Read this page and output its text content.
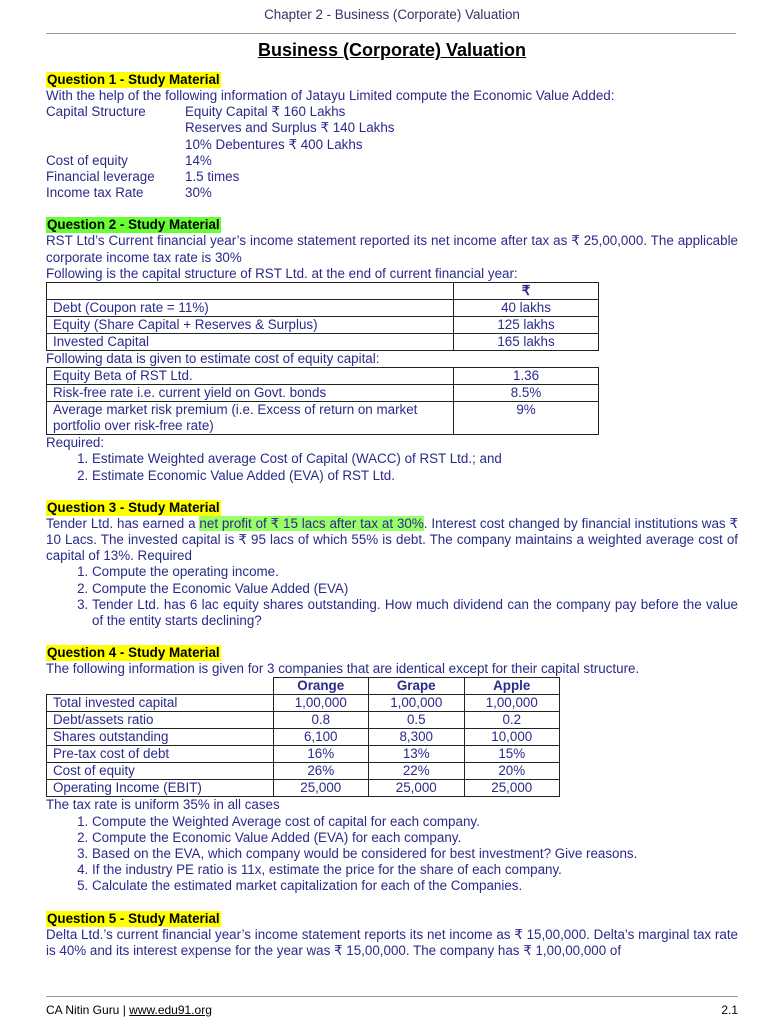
Chapter 2 - Business (Corporate) Valuation
Business (Corporate) Valuation
Question 1 - Study Material
With the help of the following information of Jatayu Limited compute the Economic Value Added:
Capital Structure	Equity Capital ₹ 160 Lakhs
Reserves and Surplus ₹ 140 Lakhs
10% Debentures ₹ 400 Lakhs
Cost of equity	14%
Financial leverage	1.5 times
Income tax Rate	30%
Question 2 - Study Material
RST Ltd’s Current financial year’s income statement reported its net income after tax as ₹ 25,00,000. The applicable corporate income tax rate is 30%
Following is the capital structure of RST Ltd. at the end of current financial year:
	₹
Debt (Coupon rate = 11%)	40 lakhs
Equity (Share Capital + Reserves & Surplus)	125 lakhs
Invested Capital	165 lakhs
Following data is given to estimate cost of equity capital:
Equity Beta of RST Ltd.	1.36
Risk-free rate i.e. current yield on Govt. bonds	8.5%
Average market risk premium (i.e. Excess of return on market portfolio over risk-free rate)	9%
Required:
1. Estimate Weighted average Cost of Capital (WACC) of RST Ltd.; and
2. Estimate Economic Value Added (EVA) of RST Ltd.
Question 3 - Study Material
Tender Ltd. has earned a net profit of ₹ 15 lacs after tax at 30%. Interest cost changed by financial institutions was ₹ 10 Lacs. The invested capital is ₹ 95 lacs of which 55% is debt. The company maintains a weighted average cost of capital of 13%. Required
1. Compute the operating income.
2. Compute the Economic Value Added (EVA)
3. Tender Ltd. has 6 lac equity shares outstanding. How much dividend can the company pay before the value of the entity starts declining?
Question 4 - Study Material
The following information is given for 3 companies that are identical except for their capital structure.
	Orange	Grape	Apple
Total invested capital	1,00,000	1,00,000	1,00,000
Debt/assets ratio	0.8	0.5	0.2
Shares outstanding	6,100	8,300	10,000
Pre-tax cost of debt	16%	13%	15%
Cost of equity	26%	22%	20%
Operating Income (EBIT)	25,000	25,000	25,000
The tax rate is uniform 35% in all cases
1. Compute the Weighted Average cost of capital for each company.
2. Compute the Economic Value Added (EVA) for each company.
3. Based on the EVA, which company would be considered for best investment? Give reasons.
4. If the industry PE ratio is 11x, estimate the price for the share of each company.
5. Calculate the estimated market capitalization for each of the Companies.
Question 5 - Study Material
Delta Ltd.’s current financial year’s income statement reports its net income as ₹ 15,00,000. Delta’s marginal tax rate is 40% and its interest expense for the year was ₹ 15,00,000. The company has ₹ 1,00,00,000 of
CA Nitin Guru | www.edu91.org	2.1
